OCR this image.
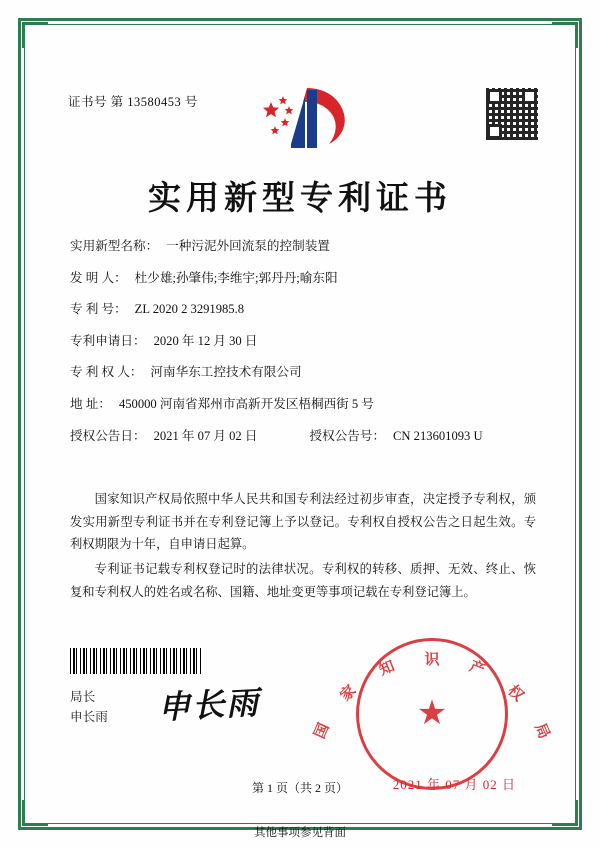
证书号 第 13580453 号
实用新型专利证书
实用新型名称： 一种污泥外回流泵的控制装置
发 明 人： 杜少雄;孙肇伟;李维宇;郭丹丹;喻东阳
专 利 号： ZL 2020 2 3291985.8
专利申请日： 2020 年 12 月 30 日
专 利 权 人： 河南华东工控技术有限公司
地 址： 450000 河南省郑州市高新开发区梧桐西街 5 号
授权公告日： 2021 年 07 月 02 日	授权公告号： CN 213601093 U

国家知识产权局依照中华人民共和国专利法经过初步审查，决定授予专利权，颁发实用新型专利证书并在专利登记簿上予以登记。专利权自授权公告之日起生效。专利权期限为十年，自申请日起算。

专利证书记载专利权登记时的法律状况。专利权的转移、质押、无效、终止、恢复和专利权人的姓名或名称、国籍、地址变更等事项记载在专利登记簿上。

局长
申长雨 申长雨
国
家
知 识 产
权
局
★
2021 年 07 月 02 日
第 1 页（共 2 页）
其他事项参见背面
